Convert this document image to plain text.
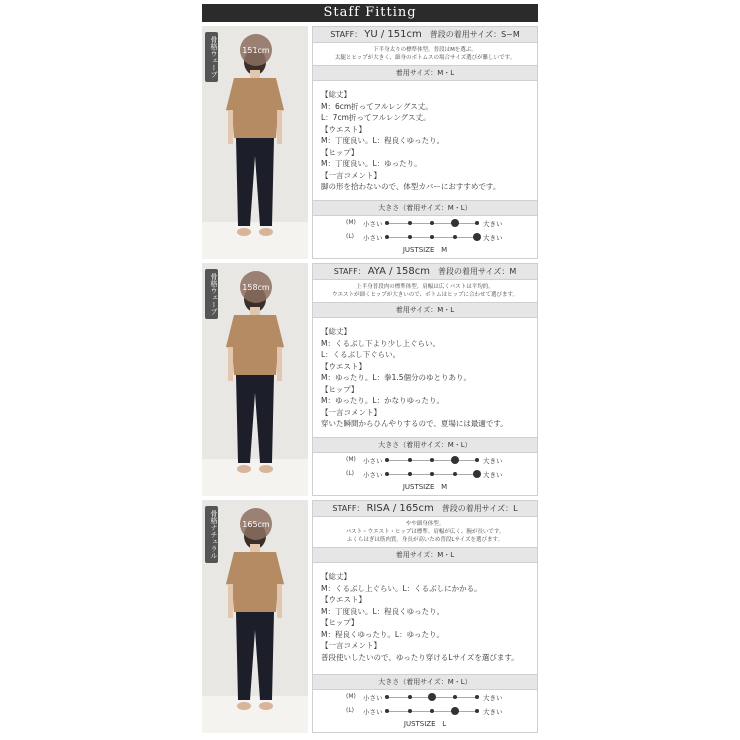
Staff Fitting
骨格ウェーブ	151cm
STAFF： YU / 151cm 普段の着用サイズ：S~M
下半身太りの標準体型。普段はMを選ぶ。
太腿とヒップが大きく、細身のボトムスの場合サイズ選びが難しいです。
着用サイズ：M・L
【総丈】
M：6cm折ってフルレングス丈。
L：7cm折ってフルレングス丈。
【ウエスト】
M：丁度良い。L：程良くゆったり。
【ヒップ】
M：丁度良い。L：ゆったり。
【一言コメント】
脚の形を拾わないので、体型カバーにおすすめです。
大きさ（着用サイズ：M・L）
(M) 小さい	大きい
(L) 小さい	大きい
JUSTSIZE M
骨格ウェーブ	158cm
STAFF： AYA / 158cm 普段の着用サイズ：M
上半身普段肉の標準体型。肩幅は広くバストは平均的。
ウエストが細くヒップが大きいので、ボトムはヒップに合わせて選びます。
着用サイズ：M・L
【総丈】
M：くるぶし下より少し上ぐらい。
L：くるぶし下ぐらい。
【ウエスト】
M：ゆったり。L：拳1.5個分のゆとりあり。
【ヒップ】
M：ゆったり。L：かなりゆったり。
【一言コメント】
穿いた瞬間からひんやりするので、夏場には最適です。
大きさ（着用サイズ：M・L）
(M) 小さい	大きい
(L) 小さい	大きい
JUSTSIZE M
骨格ナチュラル	165cm
STAFF： RISA / 165cm 普段の着用サイズ：L
やや細身体型。
バスト・ウエスト・ヒップは標準。肩幅が広く、腕が長いです。
ふくらはぎは筋肉質。身長が高いため普段Lサイズを選びます。
着用サイズ：M・L
【総丈】
M：くるぶし上ぐらい。L：くるぶしにかかる。
【ウエスト】
M：丁度良い。L：程良くゆったり。
【ヒップ】
M：程良くゆったり。L：ゆったり。
【一言コメント】
普段使いしたいので、ゆったり穿けるLサイズを選びます。
大きさ（着用サイズ：M・L）
(M) 小さい	大きい
(L) 小さい	大きい
JUSTSIZE L
